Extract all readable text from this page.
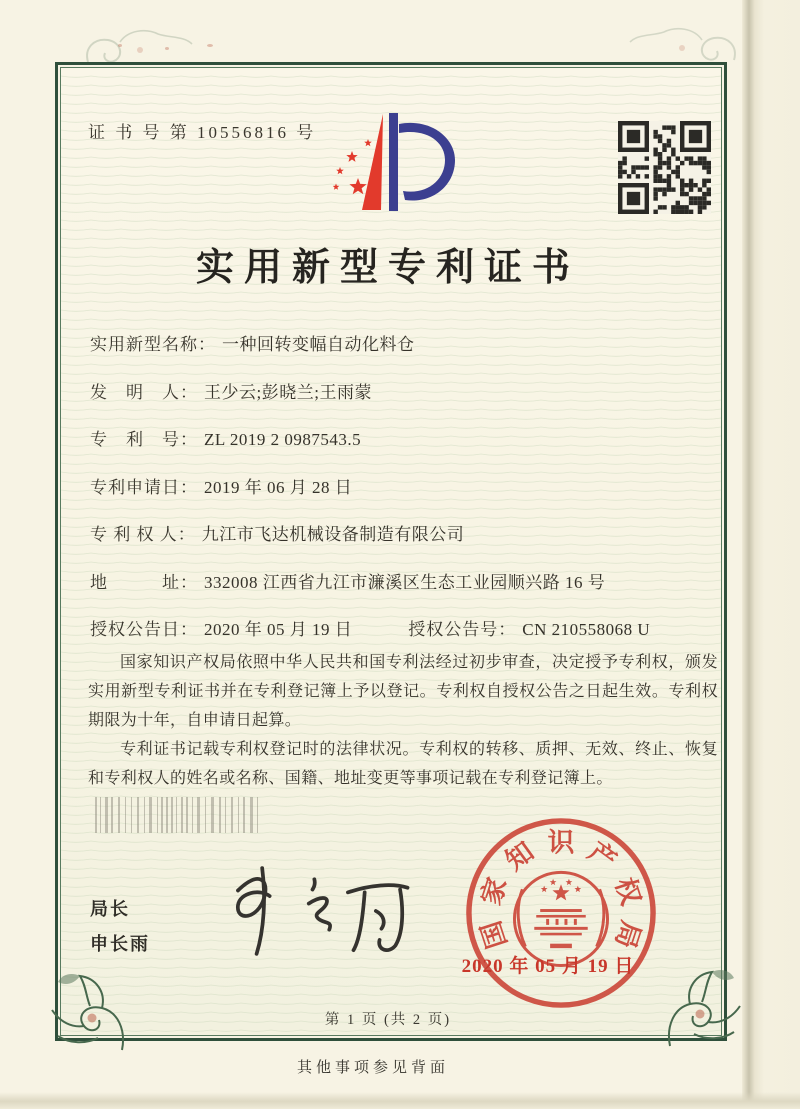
证 书 号 第 10556816 号
实用新型专利证书
实用新型名称： 一种回转变幅自动化料仓
发　明　人： 王少云;彭晓兰;王雨蒙
专　利　号： ZL 2019 2 0987543.5
专利申请日： 2019 年 06 月 28 日
专 利 权 人： 九江市飞达机械设备制造有限公司
地　　　址： 332008 江西省九江市濂溪区生态工业园顺兴路 16 号
授权公告日： 2020 年 05 月 19 日	授权公告号： CN 210558068 U

国家知识产权局依照中华人民共和国专利法经过初步审查，决定授予专利权，颁发实用新型专利证书并在专利登记簿上予以登记。专利权自授权公告之日起生效。专利权期限为十年，自申请日起算。

专利证书记载专利权登记时的法律状况。专利权的转移、质押、无效、终止、恢复和专利权人的姓名或名称、国籍、地址变更等事项记载在专利登记簿上。

局长
申长雨	国
家
知 识 产
权
局
2020 年 05 月 19 日
第 1 页 (共 2 页)
其他事项参见背面
